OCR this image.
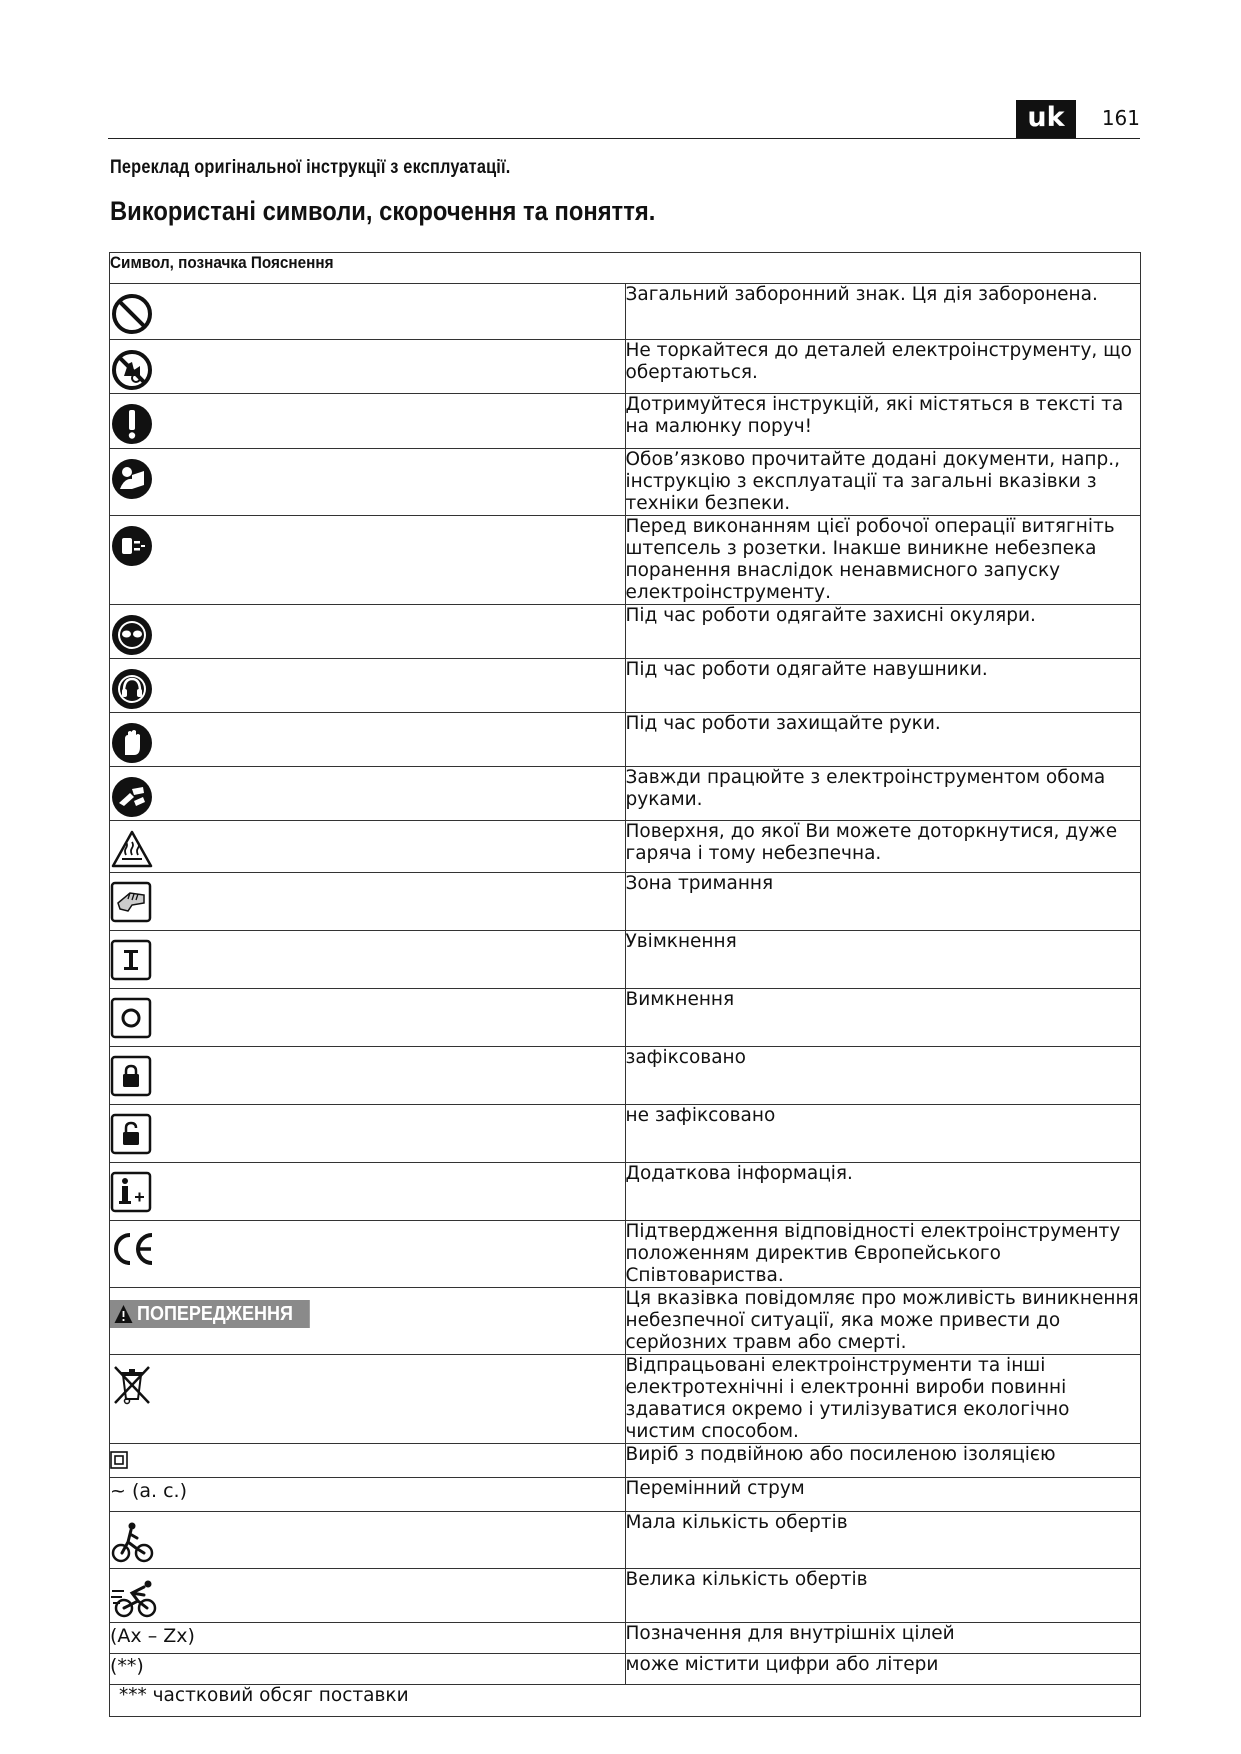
uk	161
Переклад оригінальної інструкції з експлуатації.
Використані символи, скорочення та поняття.
Символ, позначка Пояснення	

	Загальний заборонний знак. Ця дія заборонена.

	Не торкайтеся до деталей електроінструменту, що обертаються.

	Дотримуйтеся інструкцій, які містяться в тексті та на малюнку поруч!

	Обов’язково прочитайте додані документи, напр., інструкцію з експлуатації та загальні вказівки з техніки безпеки.

	Перед виконанням цієї робочої операції витягніть штепсель з розетки. Інакше виникне небезпека поранення внаслідок ненавмисного запуску електроінструменту.

	Під час роботи одягайте захисні окуляри.

	Під час роботи одягайте навушники.

	Під час роботи захищайте руки.

	Завжди працюйте з електроінструментом обома руками.

	Поверхня, до якої Ви можете доторкнутися, дуже гаряча і тому небезпечна.

	Зона тримання

	Увімкнення

	Вимкнення

	зафіксовано

	не зафіксовано

	Додаткова інформація.

	Підтвердження відповідності електроінструменту положенням директив Європейського Співтовариства.

ПОПЕРЕДЖЕННЯ	Ця вказівка повідомляє про можливість виникнення небезпечної ситуації, яка може привести до серйозних травм або смерті.

	Відпрацьовані електроінструменти та інші електротехнічні і електронні вироби повинні здаватися окремо і утилізуватися екологічно чистим способом.

	Виріб з подвійною або посиленою ізоляцією

~ (a. c.)	Перемінний струм

	Мала кількість обертів

	Велика кількість обертів

(Ax – Zx)	Позначення для внутрішніх цілей

(**)	може містити цифри або літери
*** частковий обсяг поставки	
